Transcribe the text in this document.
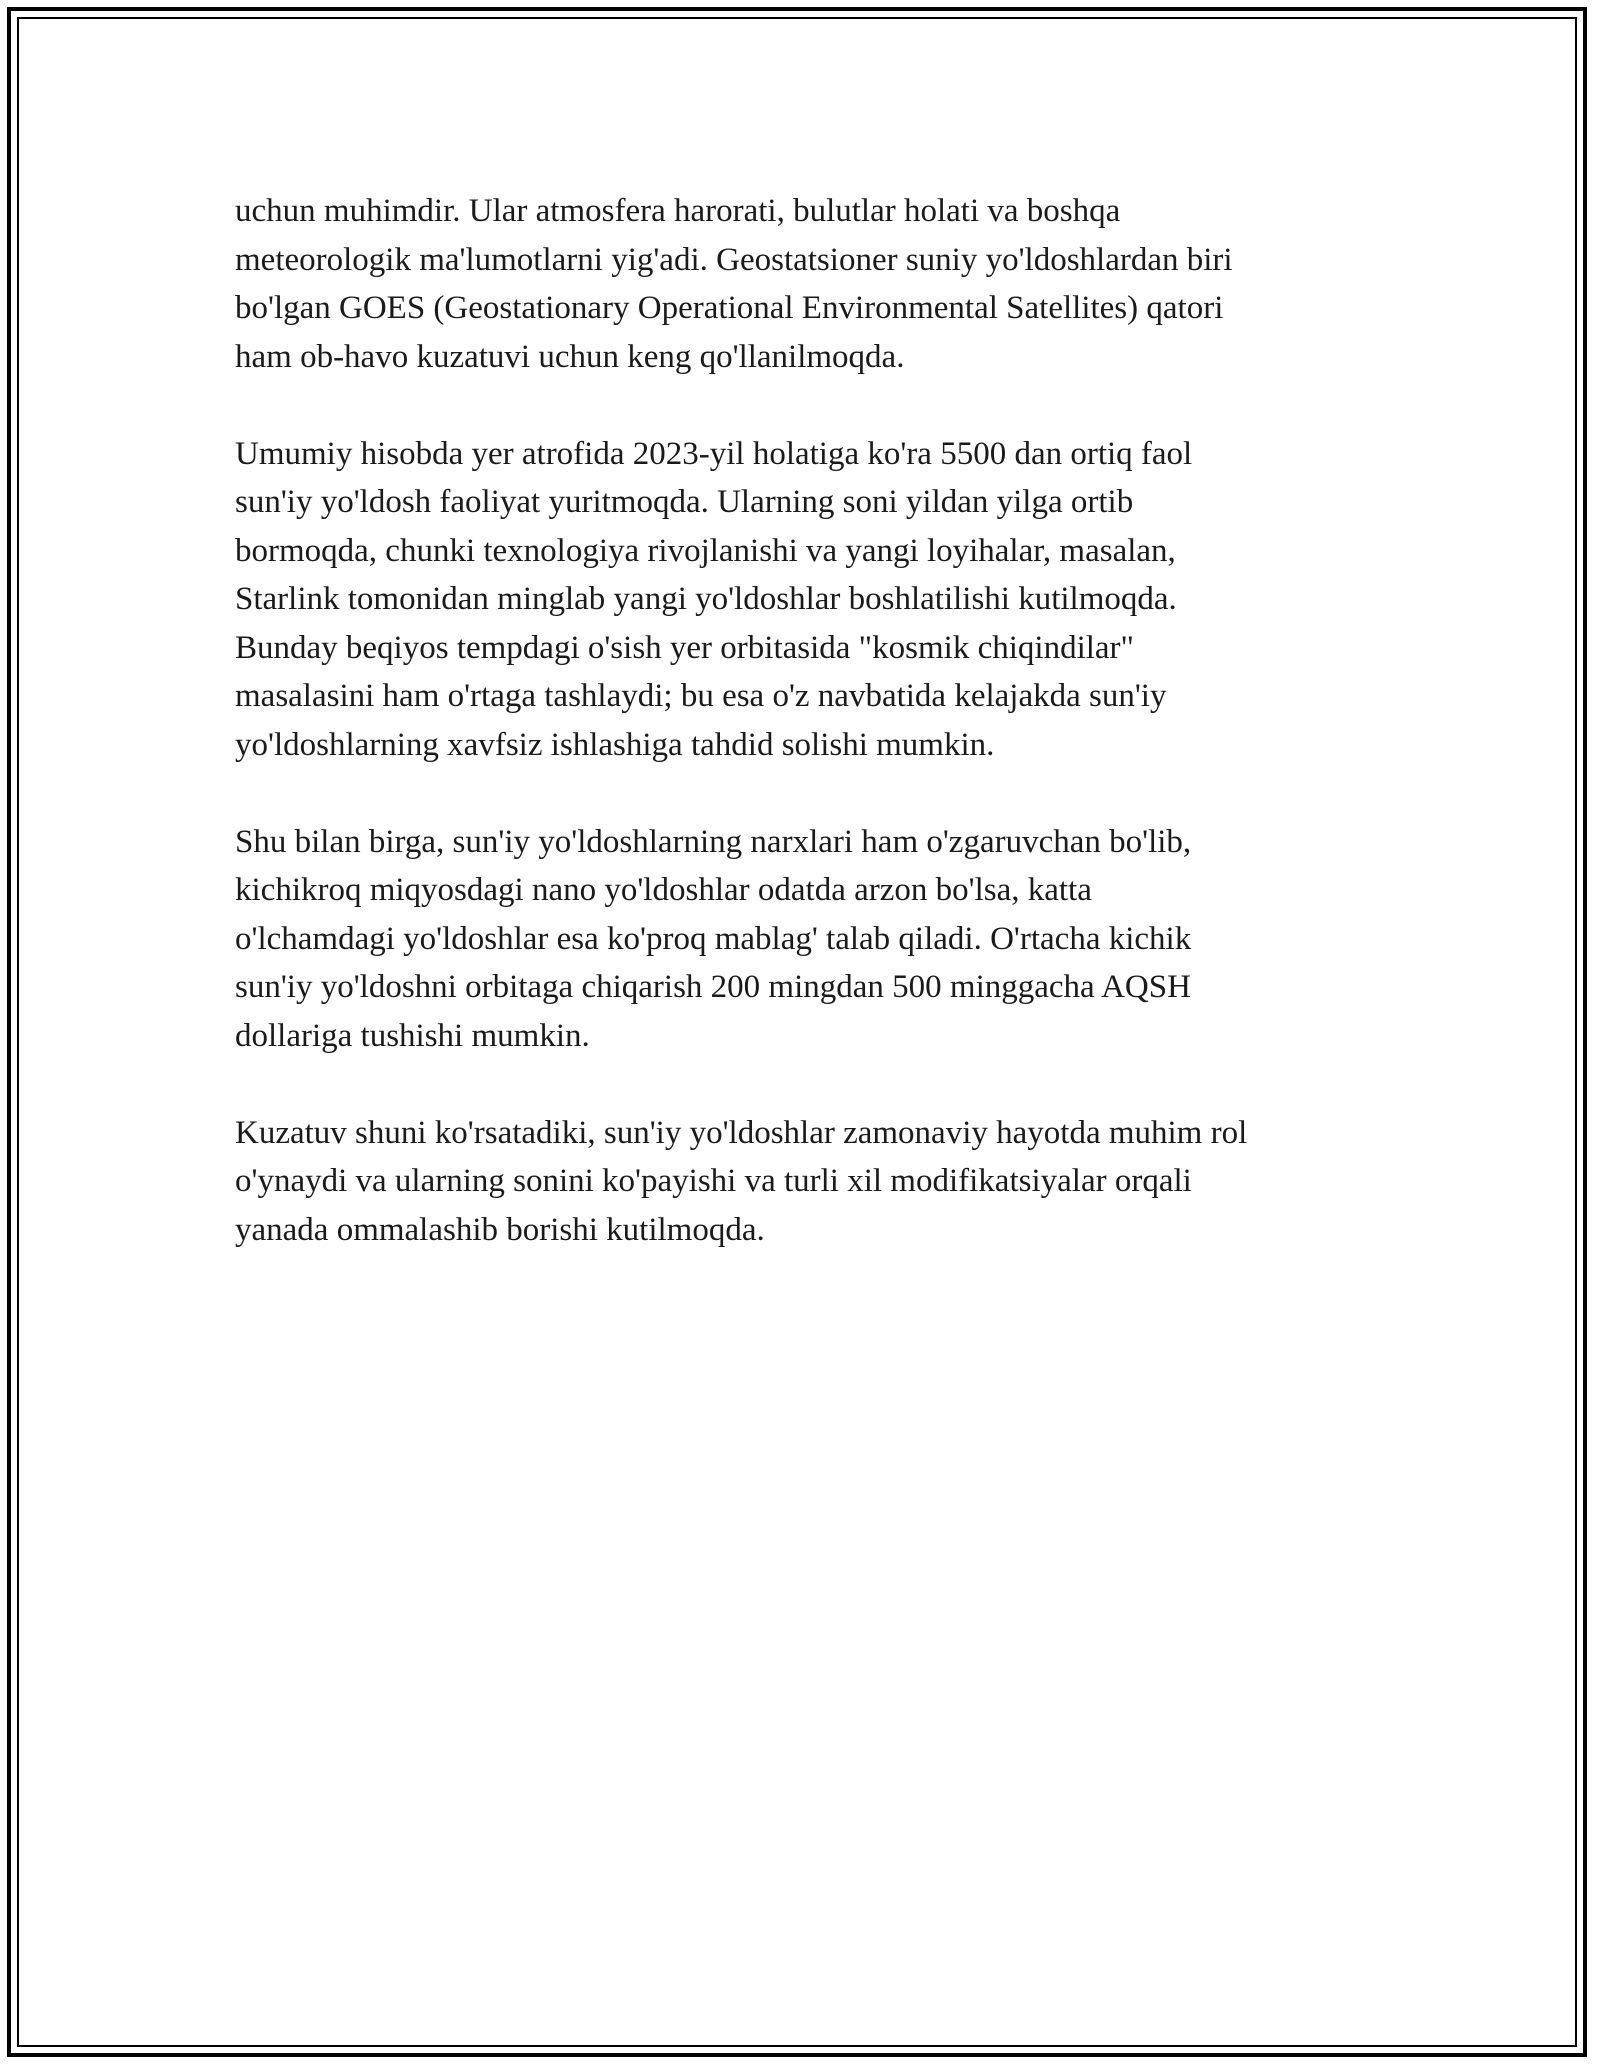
uchun muhimdir. Ular atmosfera harorati, bulutlar holati va boshqa
meteorologik ma'lumotlarni yig'adi. Geostatsioner suniy yo'ldoshlardan biri
bo'lgan GOES (Geostationary Operational Environmental Satellites) qatori
ham ob-havo kuzatuvi uchun keng qo'llanilmoqda.

Umumiy hisobda yer atrofida 2023-yil holatiga ko'ra 5500 dan ortiq faol
sun'iy yo'ldosh faoliyat yuritmoqda. Ularning soni yildan yilga ortib
bormoqda, chunki texnologiya rivojlanishi va yangi loyihalar, masalan,
Starlink tomonidan minglab yangi yo'ldoshlar boshlatilishi kutilmoqda.
Bunday beqiyos tempdagi o'sish yer orbitasida "kosmik chiqindilar"
masalasini ham o'rtaga tashlaydi; bu esa o'z navbatida kelajakda sun'iy
yo'ldoshlarning xavfsiz ishlashiga tahdid solishi mumkin.

Shu bilan birga, sun'iy yo'ldoshlarning narxlari ham o'zgaruvchan bo'lib,
kichikroq miqyosdagi nano yo'ldoshlar odatda arzon bo'lsa, katta
o'lchamdagi yo'ldoshlar esa ko'proq mablag' talab qiladi. O'rtacha kichik
sun'iy yo'ldoshni orbitaga chiqarish 200 mingdan 500 minggacha AQSH
dollariga tushishi mumkin.

Kuzatuv shuni ko'rsatadiki, sun'iy yo'ldoshlar zamonaviy hayotda muhim rol
o'ynaydi va ularning sonini ko'payishi va turli xil modifikatsiyalar orqali
yanada ommalashib borishi kutilmoqda.
